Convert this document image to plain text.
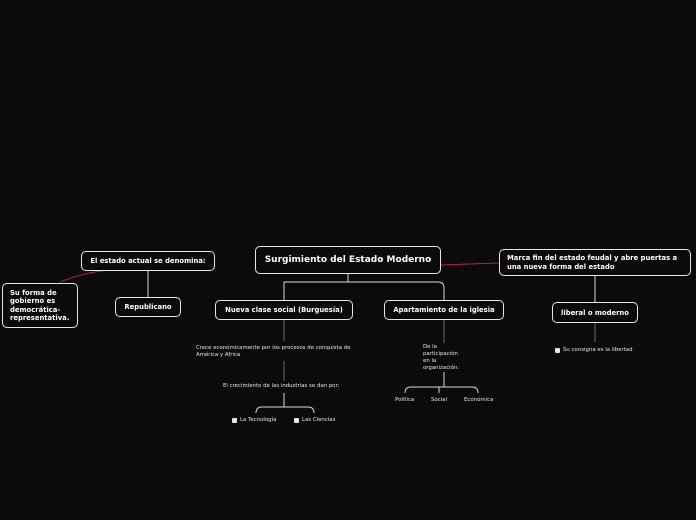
Surgimiento del Estado Moderno
El estado actual se denomina:
Republicano
Su forma de gobierno es democrática-representativa.
Marca fin del estado feudal y abre puertas a una nueva forma del estado
liberal o moderno
Su consigna es la libertad
Nueva clase social (Burguesía)
Crece económicamente por los procesos de conquista de América y Africa
El crecimiento de las industrias se dan por:
La Tecnología	Las Ciencias
Apartamiento de la iglesia
De la participación en la organización:
Política	Social	Económica
